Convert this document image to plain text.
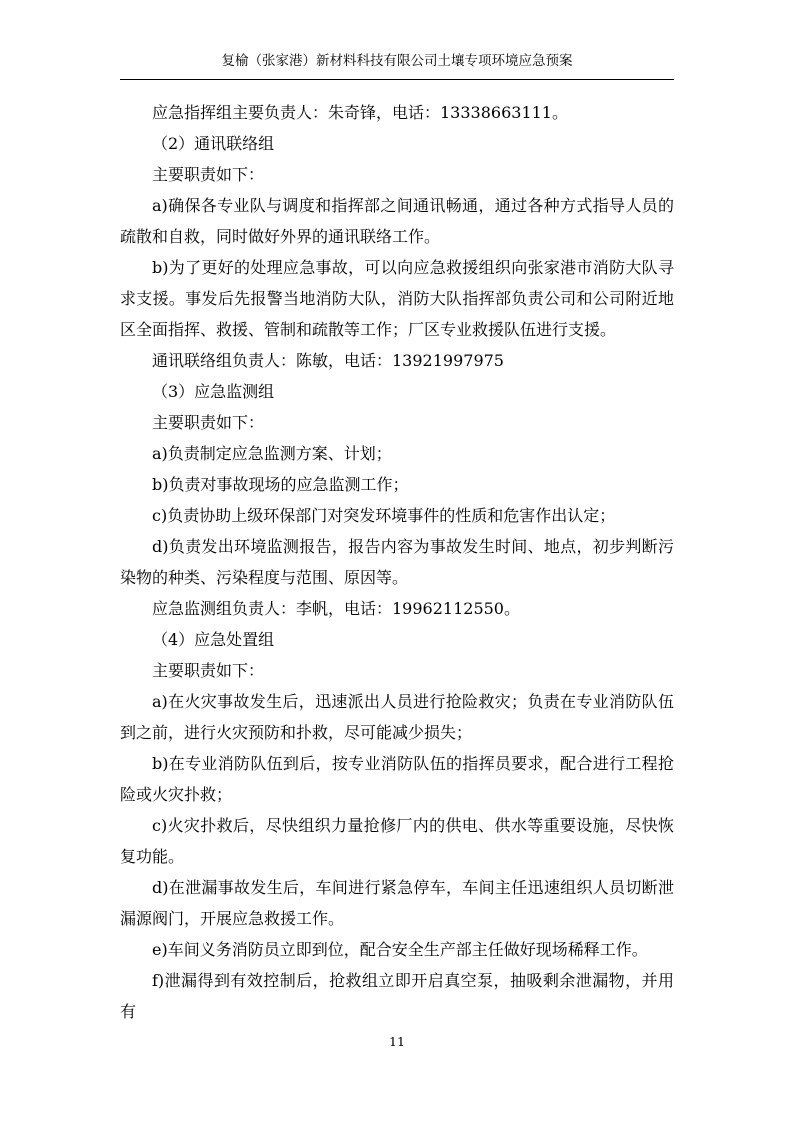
复榆（张家港）新材料科技有限公司土壤专项环境应急预案

应急指挥组主要负责人：朱奇锋，电话：13338663111。

（2）通讯联络组

主要职责如下：

a)确保各专业队与调度和指挥部之间通讯畅通，通过各种方式指导人员的疏散和自救，同时做好外界的通讯联络工作。

b)为了更好的处理应急事故，可以向应急救援组织向张家港市消防大队寻求支援。事发后先报警当地消防大队，消防大队指挥部负责公司和公司附近地区全面指挥、救援、管制和疏散等工作；厂区专业救援队伍进行支援。

通讯联络组负责人：陈敏，电话：13921997975

（3）应急监测组

主要职责如下：

a)负责制定应急监测方案、计划；

b)负责对事故现场的应急监测工作；

c)负责协助上级环保部门对突发环境事件的性质和危害作出认定；

d)负责发出环境监测报告，报告内容为事故发生时间、地点，初步判断污染物的种类、污染程度与范围、原因等。

应急监测组负责人：李帆，电话：19962112550。

（4）应急处置组

主要职责如下：

a)在火灾事故发生后，迅速派出人员进行抢险救灾；负责在专业消防队伍到之前，进行火灾预防和扑救，尽可能减少损失；

b)在专业消防队伍到后，按专业消防队伍的指挥员要求，配合进行工程抢险或火灾扑救；

c)火灾扑救后，尽快组织力量抢修厂内的供电、供水等重要设施，尽快恢复功能。

d)在泄漏事故发生后，车间进行紧急停车，车间主任迅速组织人员切断泄漏源阀门，开展应急救援工作。

e)车间义务消防员立即到位，配合安全生产部主任做好现场稀释工作。

f)泄漏得到有效控制后，抢救组立即开启真空泵，抽吸剩余泄漏物，并用有

11
